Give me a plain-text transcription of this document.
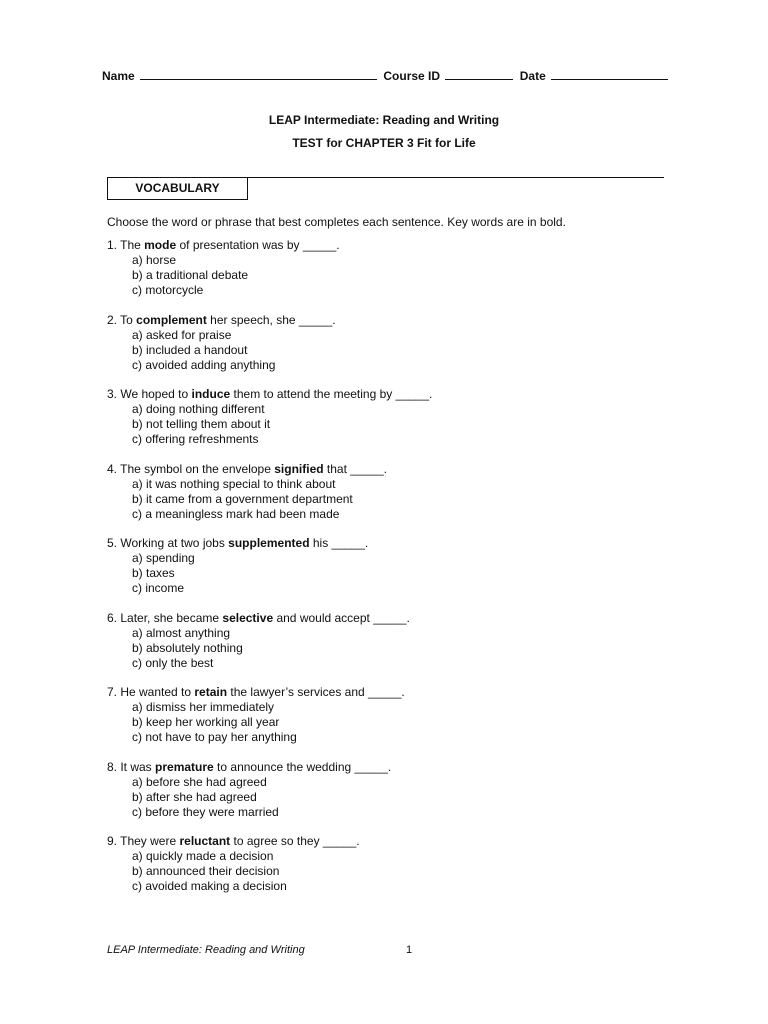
Name	Course ID	Date
LEAP Intermediate: Reading and Writing
TEST for CHAPTER 3 Fit for Life
VOCABULARY
Choose the word or phrase that best completes each sentence. Key words are in bold.
1. The mode of presentation was by _____.
a) horse
b) a traditional debate
c) motorcycle
2. To complement her speech, she _____.
a) asked for praise
b) included a handout
c) avoided adding anything
3. We hoped to induce them to attend the meeting by _____.
a) doing nothing different
b) not telling them about it
c) offering refreshments
4. The symbol on the envelope signified that _____.
a) it was nothing special to think about
b) it came from a government department
c) a meaningless mark had been made
5. Working at two jobs supplemented his _____.
a) spending
b) taxes
c) income
6. Later, she became selective and would accept _____.
a) almost anything
b) absolutely nothing
c) only the best
7. He wanted to retain the lawyer’s services and _____.
a) dismiss her immediately
b) keep her working all year
c) not have to pay her anything
8. It was premature to announce the wedding _____.
a) before she had agreed
b) after she had agreed
c) before they were married
9. They were reluctant to agree so they _____.
a) quickly made a decision
b) announced their decision
c) avoided making a decision
LEAP Intermediate: Reading and Writing	1
